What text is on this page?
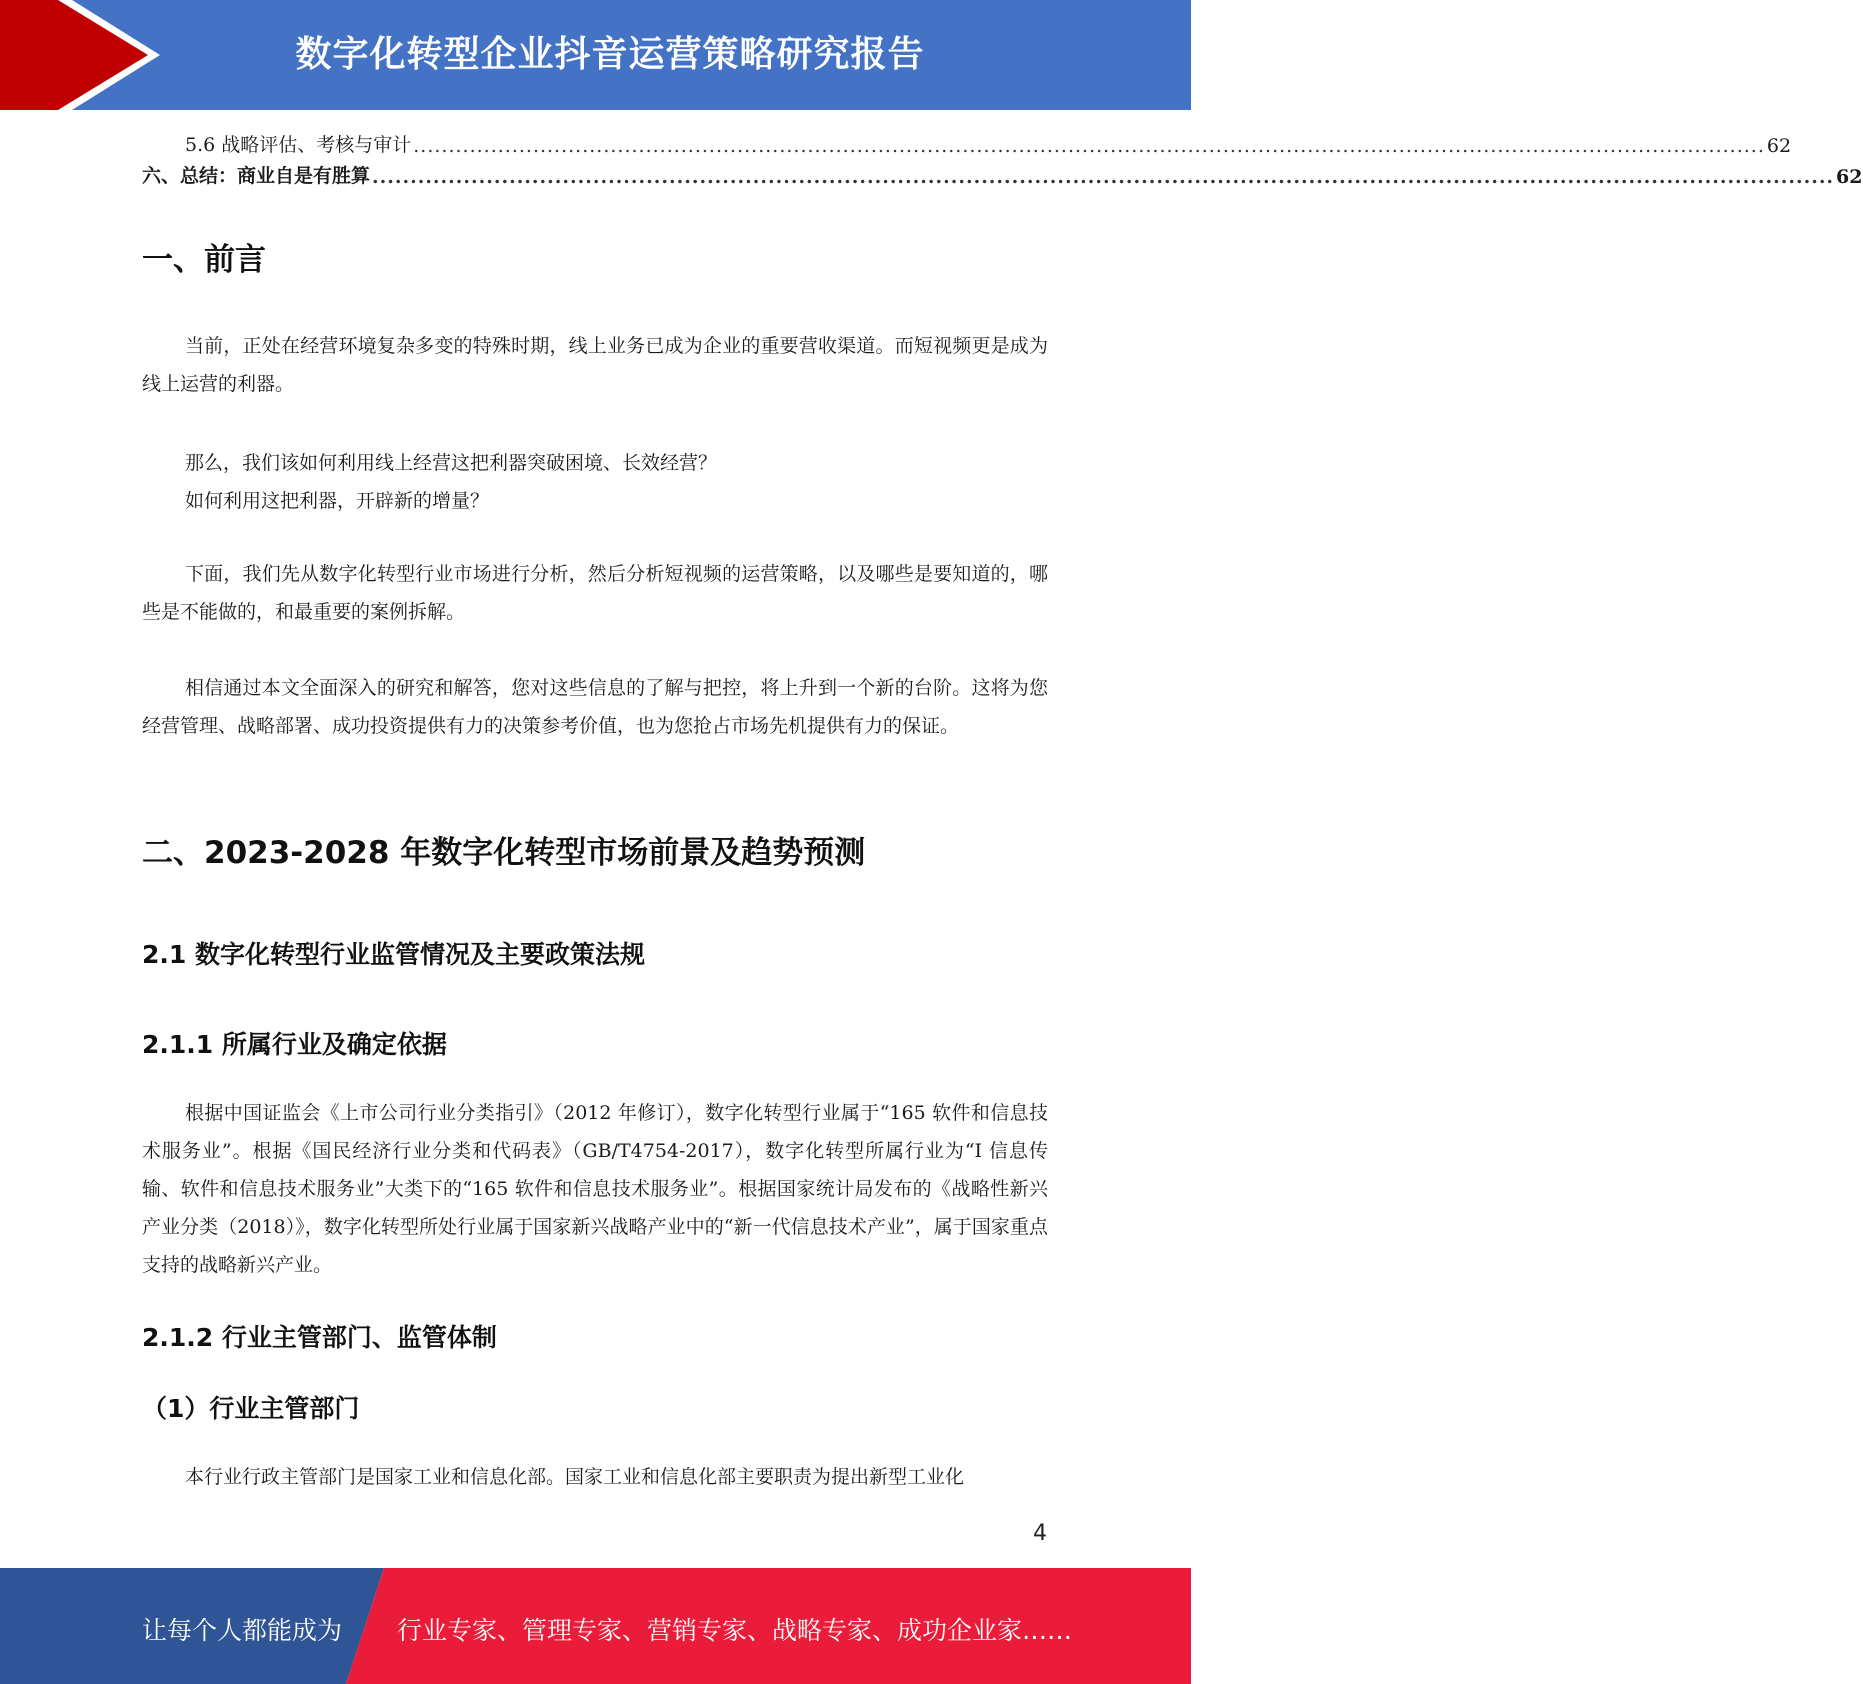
数字化转型企业抖音运营策略研究报告
5.6 战略评估、考核与审计 ................................................................................................................................................................................................ 62
六、总结：商业自是有胜算 ................................................................................................................................................................................................ 62
一、前言

当前，正处在经营环境复杂多变的特殊时期，线上业务已成为企业的重要营收渠道。而短视频更是成为线上运营的利器。

那么，我们该如何利用线上经营这把利器突破困境、长效经营？
如何利用这把利器，开辟新的增量？

下面，我们先从数字化转型行业市场进行分析，然后分析短视频的运营策略，以及哪些是要知道的，哪些是不能做的，和最重要的案例拆解。

相信通过本文全面深入的研究和解答，您对这些信息的了解与把控，将上升到一个新的台阶。这将为您经营管理、战略部署、成功投资提供有力的决策参考价值，也为您抢占市场先机提供有力的保证。

二、2023-2028 年数字化转型市场前景及趋势预测
2.1 数字化转型行业监管情况及主要政策法规
2.1.1 所属行业及确定依据

根据中国证监会《上市公司行业分类指引》（2012 年修订），数字化转型行业属于“165 软件和信息技术服务业”。根据《国民经济行业分类和代码表》（GB/T4754-2017），数字化转型所属行业为“I 信息传输、软件和信息技术服务业”大类下的“165 软件和信息技术服务业”。根据国家统计局发布的《战略性新兴产业分类（2018）》，数字化转型所处行业属于国家新兴战略产业中的“新一代信息技术产业”，属于国家重点支持的战略新兴产业。

2.1.2 行业主管部门、监管体制
（1）行业主管部门

本行业行政主管部门是国家工业和信息化部。国家工业和信息化部主要职责为提出新型工业化

4
让每个人都能成为 行业专家、管理专家、营销专家、战略专家、成功企业家……
